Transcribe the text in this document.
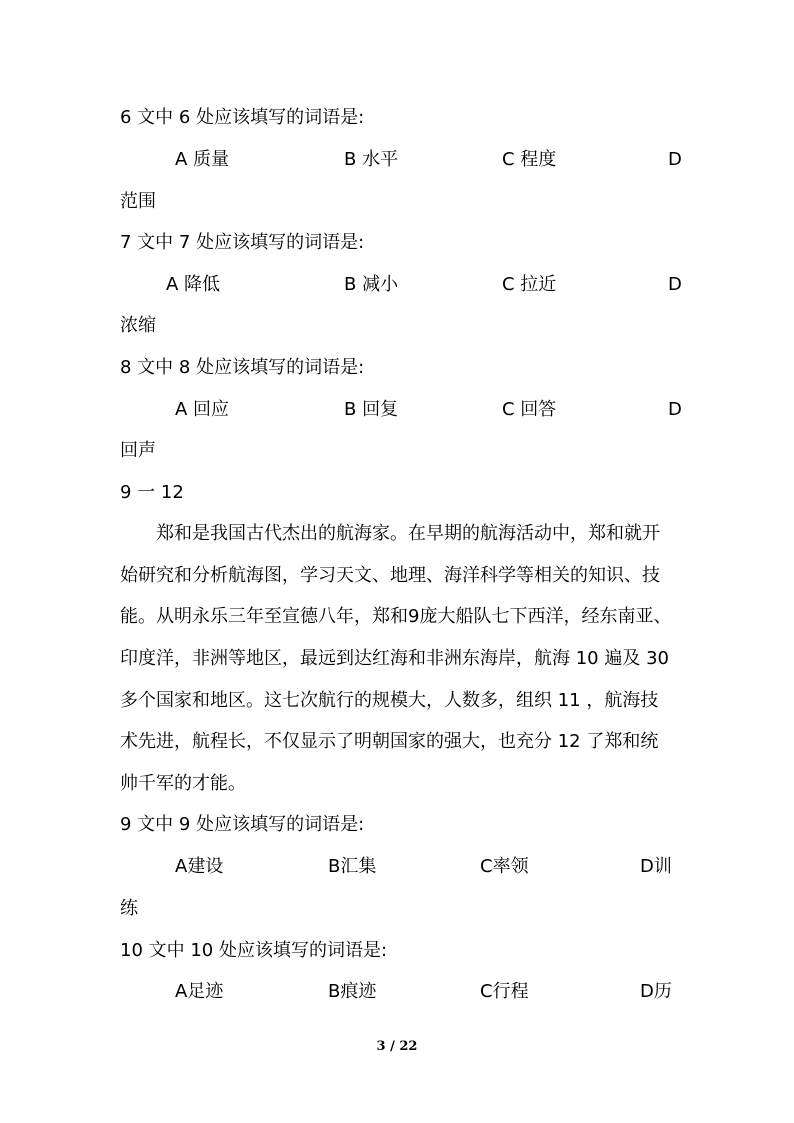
6 文中 6 处应该填写的词语是:
A 质量	B 水平	C 程度	D
范围
7 文中 7 处应该填写的词语是:
A 降低	B 减小	C 拉近	D
浓缩
8 文中 8 处应该填写的词语是:
A 回应	B 回复	C 回答	D
回声
9 一 12
郑和是我国古代杰出的航海家。在早期的航海活动中，郑和就开
始研究和分析航海图，学习天文、地理、海洋科学等相关的知识、技
能。从明永乐三年至宣德八年，郑和9庞大船队七下西洋，经东南亚、
印度洋，非洲等地区，最远到达红海和非洲东海岸，航海 10 遍及 30
多个国家和地区。这七次航行的规模大，人数多，组织 11 ，航海技
术先进，航程长，不仅显示了明朝国家的强大，也充分 12 了郑和统
帅千军的才能。
9 文中 9 处应该填写的词语是:
A建设	B汇集	C率领	D训
练
10 文中 10 处应该填写的词语是:
A足迹	B痕迹	C行程	D历
3 / 22
